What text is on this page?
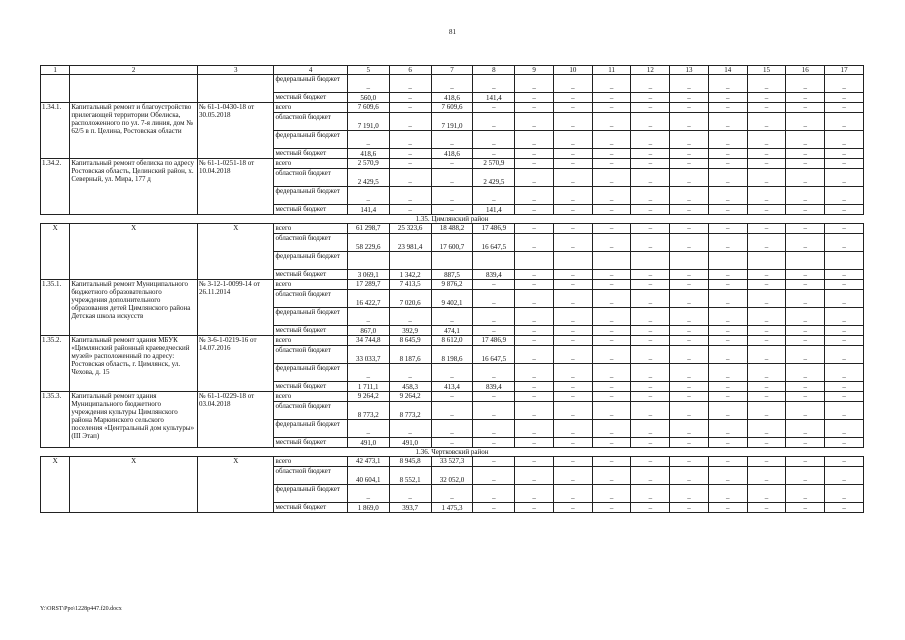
81
1	2	3	4	5	6	7	8	9	10	11	12	13	14	15	16	17
			федеральный бюджет	–	–	–	–	–	–	–	–	–	–	–	–	–
			местный бюджет	560,0	–	418,6	141,4	–	–	–	–	–	–	–	–	–
1.34.1.	Капитальный ремонт и благоустройство прилегающей территории Обелиска, расположенного по ул. 7-я линия, дом № 62/5 в п. Целина, Ростовская области	№ 61-1-0430-18 от 30.05.2018	всего	7 609,6	–	7 609,6	–	–	–	–	–	–	–	–	–	–
			областной бюджет	7 191,0	–	7 191,0	–	–	–	–	–	–	–	–	–	–
			федеральный бюджет	–	–	–	–	–	–	–	–	–	–	–	–	–
			местный бюджет	418,6	–	418,6	–	–	–	–	–	–	–	–	–	–
1.34.2.	Капитальный ремонт обелиска по адресу Ростовская область, Целинский район, х. Северный, ул. Мира, 177 д	№ 61-1-0251-18 от 10.04.2018	всего	2 570,9	–	–	2 570,9	–	–	–	–	–	–	–	–	–
			областной бюджет	2 429,5	–	–	2 429,5	–	–	–	–	–	–	–	–	–
			федеральный бюджет	–	–	–	–	–	–	–	–	–	–	–	–	–
			местный бюджет	141,4	–	–	141,4	–	–	–	–	–	–	–	–	–
1.35. Цимлянский район																
X	X	X	всего	61 298,7	25 323,6	18 488,2	17 486,9	–	–	–	–	–	–	–	–	–
			областной бюджет	58 229,6	23 981,4	17 600,7	16 647,5	–	–	–	–	–	–	–	–	–
			федеральный бюджет													
			местный бюджет	3 069,1	1 342,2	887,5	839,4	–	–	–	–	–	–	–	–	–
1.35.1.	Капитальный ремонт Муниципального бюджетного образовательного учреждения дополнительного образования детей Цимлянского района Детская школа искусств	№ 3-12-1-0099-14 от 26.11.2014	всего	17 289,7	7 413,5	9 876,2	–	–	–	–	–	–	–	–	–	–
			областной бюджет	16 422,7	7 020,6	9 402,1	–	–	–	–	–	–	–	–	–	–
			федеральный бюджет	–	–	–	–	–	–	–	–	–	–	–	–	–
			местный бюджет	867,0	392,9	474,1	–	–	–	–	–	–	–	–	–	–
1.35.2.	Капитальный ремонт здания МБУК «Цимлянский районный краеведческий музей» расположенный по адресу: Ростовская область, г. Цимлянск, ул. Чехова, д. 15	№ 3-6-1-0219-16 от 14.07.2016	всего	34 744,8	8 645,9	8 612,0	17 486,9	–	–	–	–	–	–	–	–	–
			областной бюджет	33 033,7	8 187,6	8 198,6	16 647,5	–	–	–	–	–	–	–	–	–
			федеральный бюджет	–	–	–	–	–	–	–	–	–	–	–	–	–
			местный бюджет	1 711,1	458,3	413,4	839,4	–	–	–	–	–	–	–	–	–
1.35.3.	Капитальный ремонт здания Муниципального бюджетного учреждения культуры Цимлянского района Маркинского сельского поселения «Центральный дом культуры» (III Этап)	№ 61-1-0229-18 от 03.04.2018	всего	9 264,2	9 264,2	–	–	–	–	–	–	–	–	–	–	–
			областной бюджет	8 773,2	8 773,2	–	–	–	–	–	–	–	–	–	–	–
			федеральный бюджет	–	–	–	–	–	–	–	–	–	–	–	–	–
			местный бюджет	491,0	491,0	–	–	–	–	–	–	–	–	–	–	–
1.36. Чертковский район																
X	X	X	всего	42 473,1	8 945,8	33 527,3	–	–	–	–	–	–	–	–	–	–
			областной бюджет	40 604,1	8 552,1	32 052,0	–	–	–	–	–	–	–	–	–	–
			федеральный бюджет	–	–	–	–	–	–	–	–	–	–	–	–	–
			местный бюджет	1 869,0	393,7	1 475,3	–	–	–	–	–	–	–	–	–	–
Y:\ORST\Ppo\1228p447.f20.docx
